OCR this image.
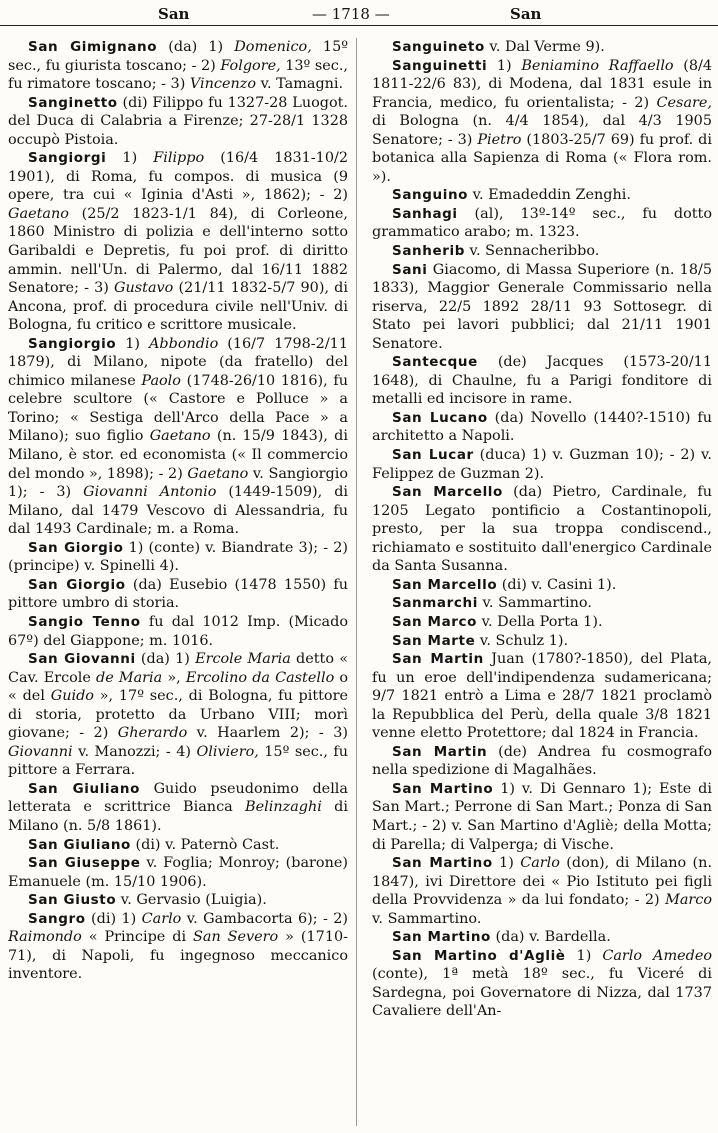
San	— 1718 —	San

San Gimignano (da) 1) Domenico, 15º sec., fu giurista toscano; - 2) Folgore, 13º sec., fu rimatore toscano; - 3) Vincenzo v. Tamagni.

Sanginetto (di) Filippo fu 1327-28 Luogot. del Duca di Calabria a Firenze; 27-28/1 1328 occupò Pistoia.

Sangiorgi 1) Filippo (16/4 1831-10/2 1901), di Roma, fu compos. di musica (9 opere, tra cui « Iginia d'Asti », 1862); - 2) Gaetano (25/2 1823-1/1 84), di Corleone, 1860 Ministro di polizia e dell'interno sotto Garibaldi e Depretis, fu poi prof. di diritto ammin. nell'Un. di Palermo, dal 16/11 1882 Senatore; - 3) Gustavo (21/11 1832-5/7 90), di Ancona, prof. di procedura civile nell'Univ. di Bologna, fu critico e scrittore musicale.

Sangiorgio 1) Abbondio (16/7 1798-2/11 1879), di Milano, nipote (da fratello) del chimico milanese Paolo (1748-26/10 1816), fu celebre scultore (« Castore e Polluce » a Torino; « Sestiga dell'Arco della Pace » a Milano); suo figlio Gaetano (n. 15/9 1843), di Milano, è stor. ed economista (« Il commercio del mondo », 1898); - 2) Gaetano v. Sangiorgio 1); - 3) Giovanni Antonio (1449-1509), di Milano, dal 1479 Vescovo di Alessandria, fu dal 1493 Cardinale; m. a Roma.

San Giorgio 1) (conte) v. Biandrate 3); - 2) (principe) v. Spinelli 4).

San Giorgio (da) Eusebio (1478 1550) fu pittore umbro di storia.

Sangio Tenno fu dal 1012 Imp. (Micado 67º) del Giappone; m. 1016.

San Giovanni (da) 1) Ercole Maria detto « Cav. Ercole de Maria », Ercolino da Castello o « del Guido », 17º sec., di Bologna, fu pittore di storia, protetto da Urbano VIII; morì giovane; - 2) Gherardo v. Haarlem 2); - 3) Giovanni v. Manozzi; - 4) Oliviero, 15º sec., fu pittore a Ferrara.

San Giuliano Guido pseudonimo della letterata e scrittrice Bianca Belinzaghi di Milano (n. 5/8 1861).

San Giuliano (di) v. Paternò Cast.

San Giuseppe v. Foglia; Monroy; (barone) Emanuele (m. 15/10 1906).

San Giusto v. Gervasio (Luigia).

Sangro (di) 1) Carlo v. Gambacorta 6); - 2) Raimondo « Principe di San Severo » (1710-71), di Napoli, fu ingegnoso meccanico inventore.

Sanguineto v. Dal Verme 9).

Sanguinetti 1) Beniamino Raffaello (8/4 1811-22/6 83), di Modena, dal 1831 esule in Francia, medico, fu orientalista; - 2) Cesare, di Bologna (n. 4/4 1854), dal 4/3 1905 Senatore; - 3) Pietro (1803-25/7 69) fu prof. di botanica alla Sapienza di Roma (« Flora rom. »).

Sanguino v. Emadeddin Zenghi.

Sanhagi (al), 13º-14º sec., fu dotto grammatico arabo; m. 1323.

Sanherib v. Sennacheribbo.

Sani Giacomo, di Massa Superiore (n. 18/5 1833), Maggior Generale Commissario nella riserva, 22/5 1892 28/11 93 Sottosegr. di Stato pei lavori pubblici; dal 21/11 1901 Senatore.

Santecque (de) Jacques (1573-20/11 1648), di Chaulne, fu a Parigi fonditore di metalli ed incisore in rame.

San Lucano (da) Novello (1440?-1510) fu architetto a Napoli.

San Lucar (duca) 1) v. Guzman 10); - 2) v. Felippez de Guzman 2).

San Marcello (da) Pietro, Cardinale, fu 1205 Legato pontificio a Costantinopoli, presto, per la sua troppa condiscend., richiamato e sostituito dall'energico Cardinale da Santa Susanna.

San Marcello (di) v. Casini 1).

Sanmarchi v. Sammartino.

San Marco v. Della Porta 1).

San Marte v. Schulz 1).

San Martin Juan (1780?-1850), del Plata, fu un eroe dell'indipendenza sudamericana; 9/7 1821 entrò a Lima e 28/7 1821 proclamò la Repubblica del Perù, della quale 3/8 1821 venne eletto Protettore; dal 1824 in Francia.

San Martin (de) Andrea fu cosmografo nella spedizione di Magalhães.

San Martino 1) v. Di Gennaro 1); Este di San Mart.; Perrone di San Mart.; Ponza di San Mart.; - 2) v. San Martino d'Agliè; della Motta; di Parella; di Valperga; di Vische.

San Martino 1) Carlo (don), di Milano (n. 1847), ivi Direttore dei « Pio Istituto pei figli della Provvidenza » da lui fondato; - 2) Marco v. Sammartino.

San Martino (da) v. Bardella.

San Martino d'Agliè 1) Carlo Amedeo (conte), 1ª metà 18º sec., fu Viceré di Sardegna, poi Governatore di Nizza, dal 1737 Cavaliere dell'An-
